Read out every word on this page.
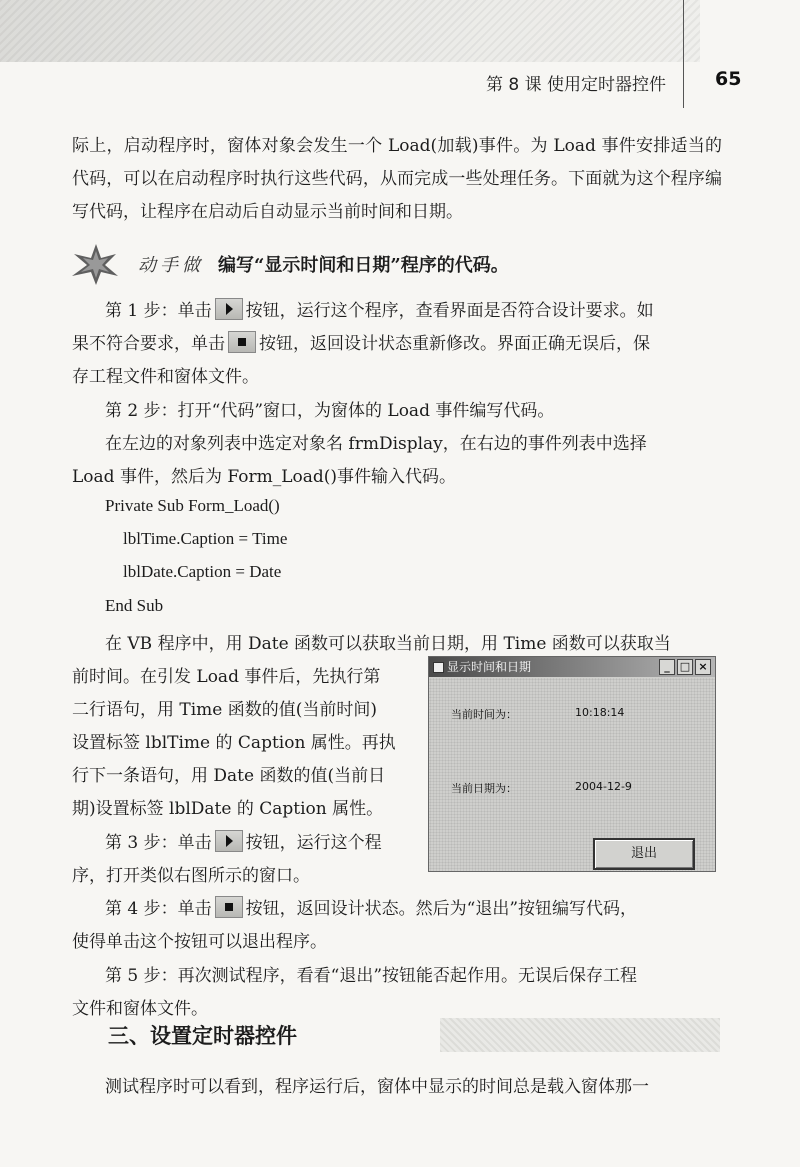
第 8 课 使用定时器控件	65
际上，启动程序时，窗体对象会发生一个 Load(加载)事件。为 Load 事件安排适当的代码，可以在启动程序时执行这些代码，从而完成一些处理任务。下面就为这个程序编写代码，让程序在启动后自动显示当前时间和日期。
动手做 编写“显示时间和日期”程序的代码。
第 1 步：单击 按钮，运行这个程序，查看界面是否符合设计要求。如
果不符合要求，单击 按钮，返回设计状态重新修改。界面正确无误后，保
存工程文件和窗体文件。
第 2 步：打开“代码”窗口，为窗体的 Load 事件编写代码。
在左边的对象列表中选定对象名 frmDisplay，在右边的事件列表中选择
Load 事件，然后为 Form_Load()事件输入代码。
Private Sub Form_Load()
lblTime.Caption = Time
lblDate.Caption = Date
End Sub
在 VB 程序中，用 Date 函数可以获取当前日期，用 Time 函数可以获取当
前时间。在引发 Load 事件后，先执行第
二行语句，用 Time 函数的值(当前时间)
设置标签 lblTime 的 Caption 属性。再执
行下一条语句，用 Date 函数的值(当前日
期)设置标签 lblDate 的 Caption 属性。
第 3 步：单击 按钮，运行这个程
序，打开类似右图所示的窗口。
第 4 步：单击 按钮，返回设计状态。然后为“退出”按钮编写代码，
使得单击这个按钮可以退出程序。
第 5 步：再次测试程序，看看“退出”按钮能否起作用。无误后保存工程
文件和窗体文件。
显示时间和日期	_ □ ×
当前时间为：	10:18:14
当前日期为：	2004-12-9
退出
三、设置定时器控件
测试程序时可以看到，程序运行后，窗体中显示的时间总是载入窗体那一
